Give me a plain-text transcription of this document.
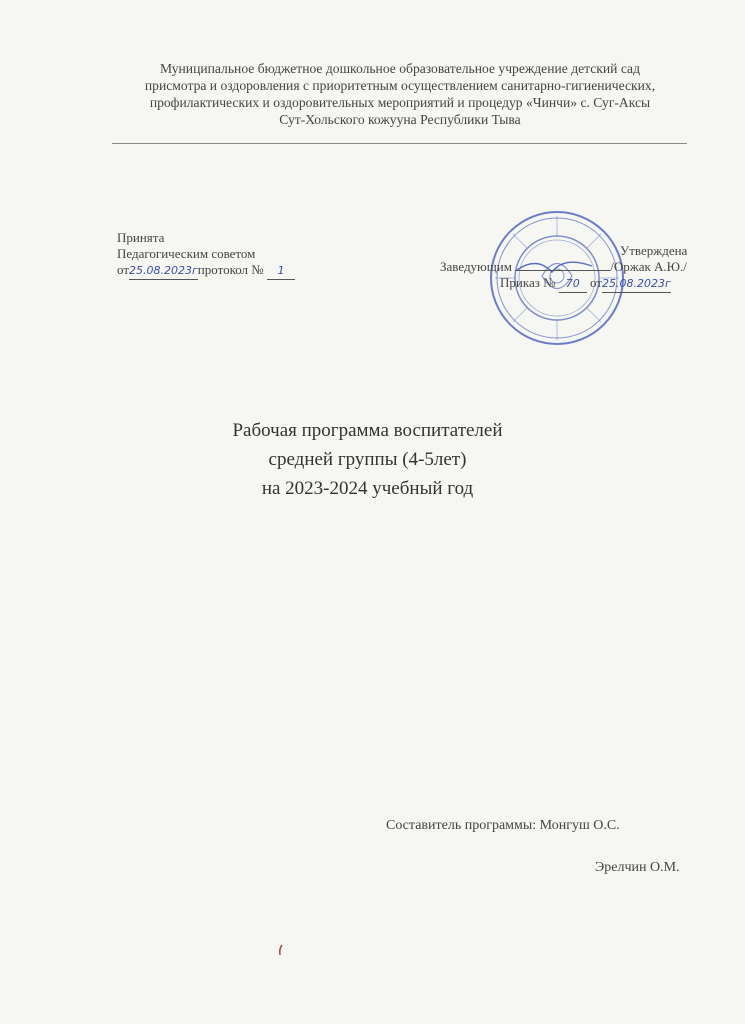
Муниципальное бюджетное дошкольное образовательное учреждение детский сад
присмотра и оздоровления с приоритетным осуществлением санитарно-гигиенических,
профилактических и оздоровительных мероприятий и процедур «Чинчи» с. Суг-Аксы
Сут-Хольского кожууна Республики Тыва
Принята
Педагогическим советом
от25.08.2023гпротокол № 1
Утверждена
Заведующим	/Оржак А.Ю./
Приказ № 70 от25.08.2023г
Рабочая программа воспитателей
средней группы (4-5лет)
на 2023-2024 учебный год
Составитель программы: Монгуш О.С.
Эрелчин О.М.
